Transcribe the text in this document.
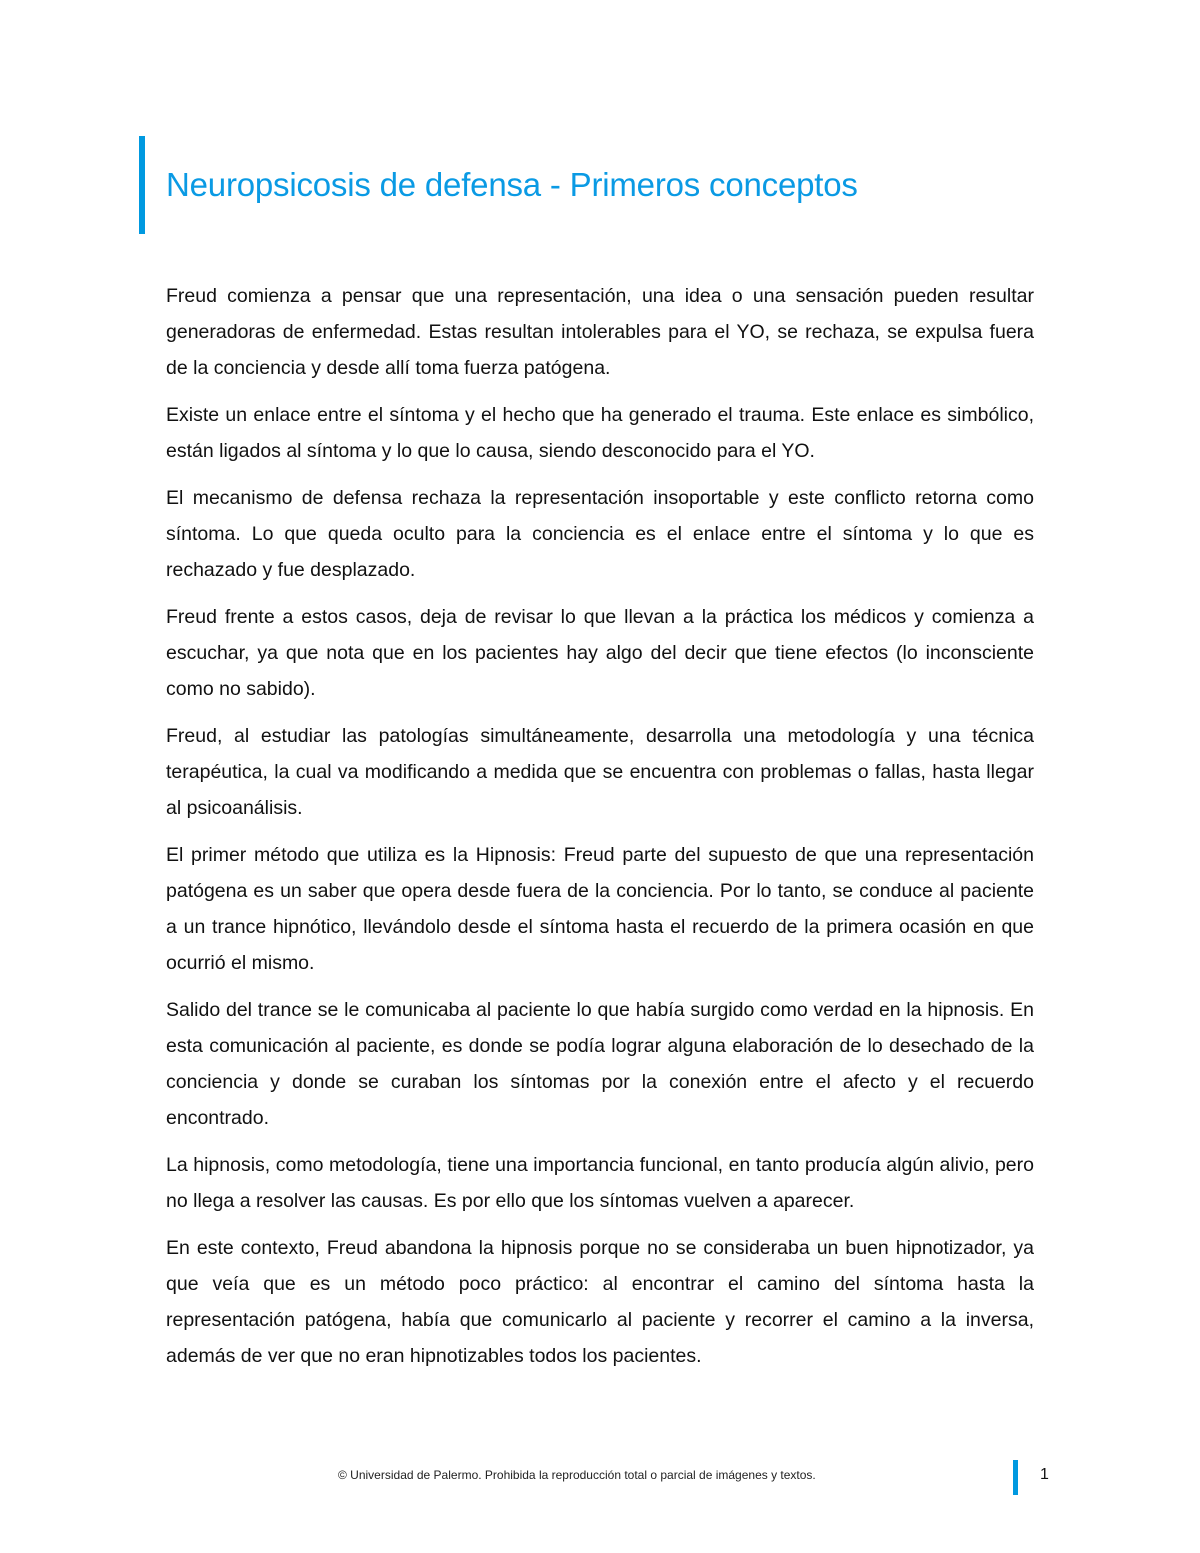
Neuropsicosis de defensa - Primeros conceptos

Freud comienza a pensar que una representación, una idea o una sensación pueden resultar generadoras de enfermedad. Estas resultan intolerables para el YO, se rechaza, se expulsa fuera de la conciencia y desde allí toma fuerza patógena.

Existe un enlace entre el síntoma y el hecho que ha generado el trauma. Este enlace es simbólico, están ligados al síntoma y lo que lo causa, siendo desconocido para el YO.

El mecanismo de defensa rechaza la representación insoportable y este conflicto retorna como síntoma. Lo que queda oculto para la conciencia es el enlace entre el síntoma y lo que es rechazado y fue desplazado.

Freud frente a estos casos, deja de revisar lo que llevan a la práctica los médicos y comienza a escuchar, ya que nota que en los pacientes hay algo del decir que tiene efectos (lo inconsciente como no sabido).

Freud, al estudiar las patologías simultáneamente, desarrolla una metodología y una técnica terapéutica, la cual va modificando a medida que se encuentra con problemas o fallas, hasta llegar al psicoanálisis.

El primer método que utiliza es la Hipnosis: Freud parte del supuesto de que una representación patógena es un saber que opera desde fuera de la conciencia. Por lo tanto, se conduce al paciente a un trance hipnótico, llevándolo desde el síntoma hasta el recuerdo de la primera ocasión en que ocurrió el mismo.

Salido del trance se le comunicaba al paciente lo que había surgido como verdad en la hipnosis. En esta comunicación al paciente, es donde se podía lograr alguna elaboración de lo desechado de la conciencia y donde se curaban los síntomas por la conexión entre el afecto y el recuerdo encontrado.

La hipnosis, como metodología, tiene una importancia funcional, en tanto producía algún alivio, pero no llega a resolver las causas. Es por ello que los síntomas vuelven a aparecer.

En este contexto, Freud abandona la hipnosis porque no se consideraba un buen hipnotizador, ya que veía que es un método poco práctico: al encontrar el camino del síntoma hasta la representación patógena, había que comunicarlo al paciente y recorrer el camino a la inversa, además de ver que no eran hipnotizables todos los pacientes.

© Universidad de Palermo. Prohibida la reproducción total o parcial de imágenes y textos.	1
